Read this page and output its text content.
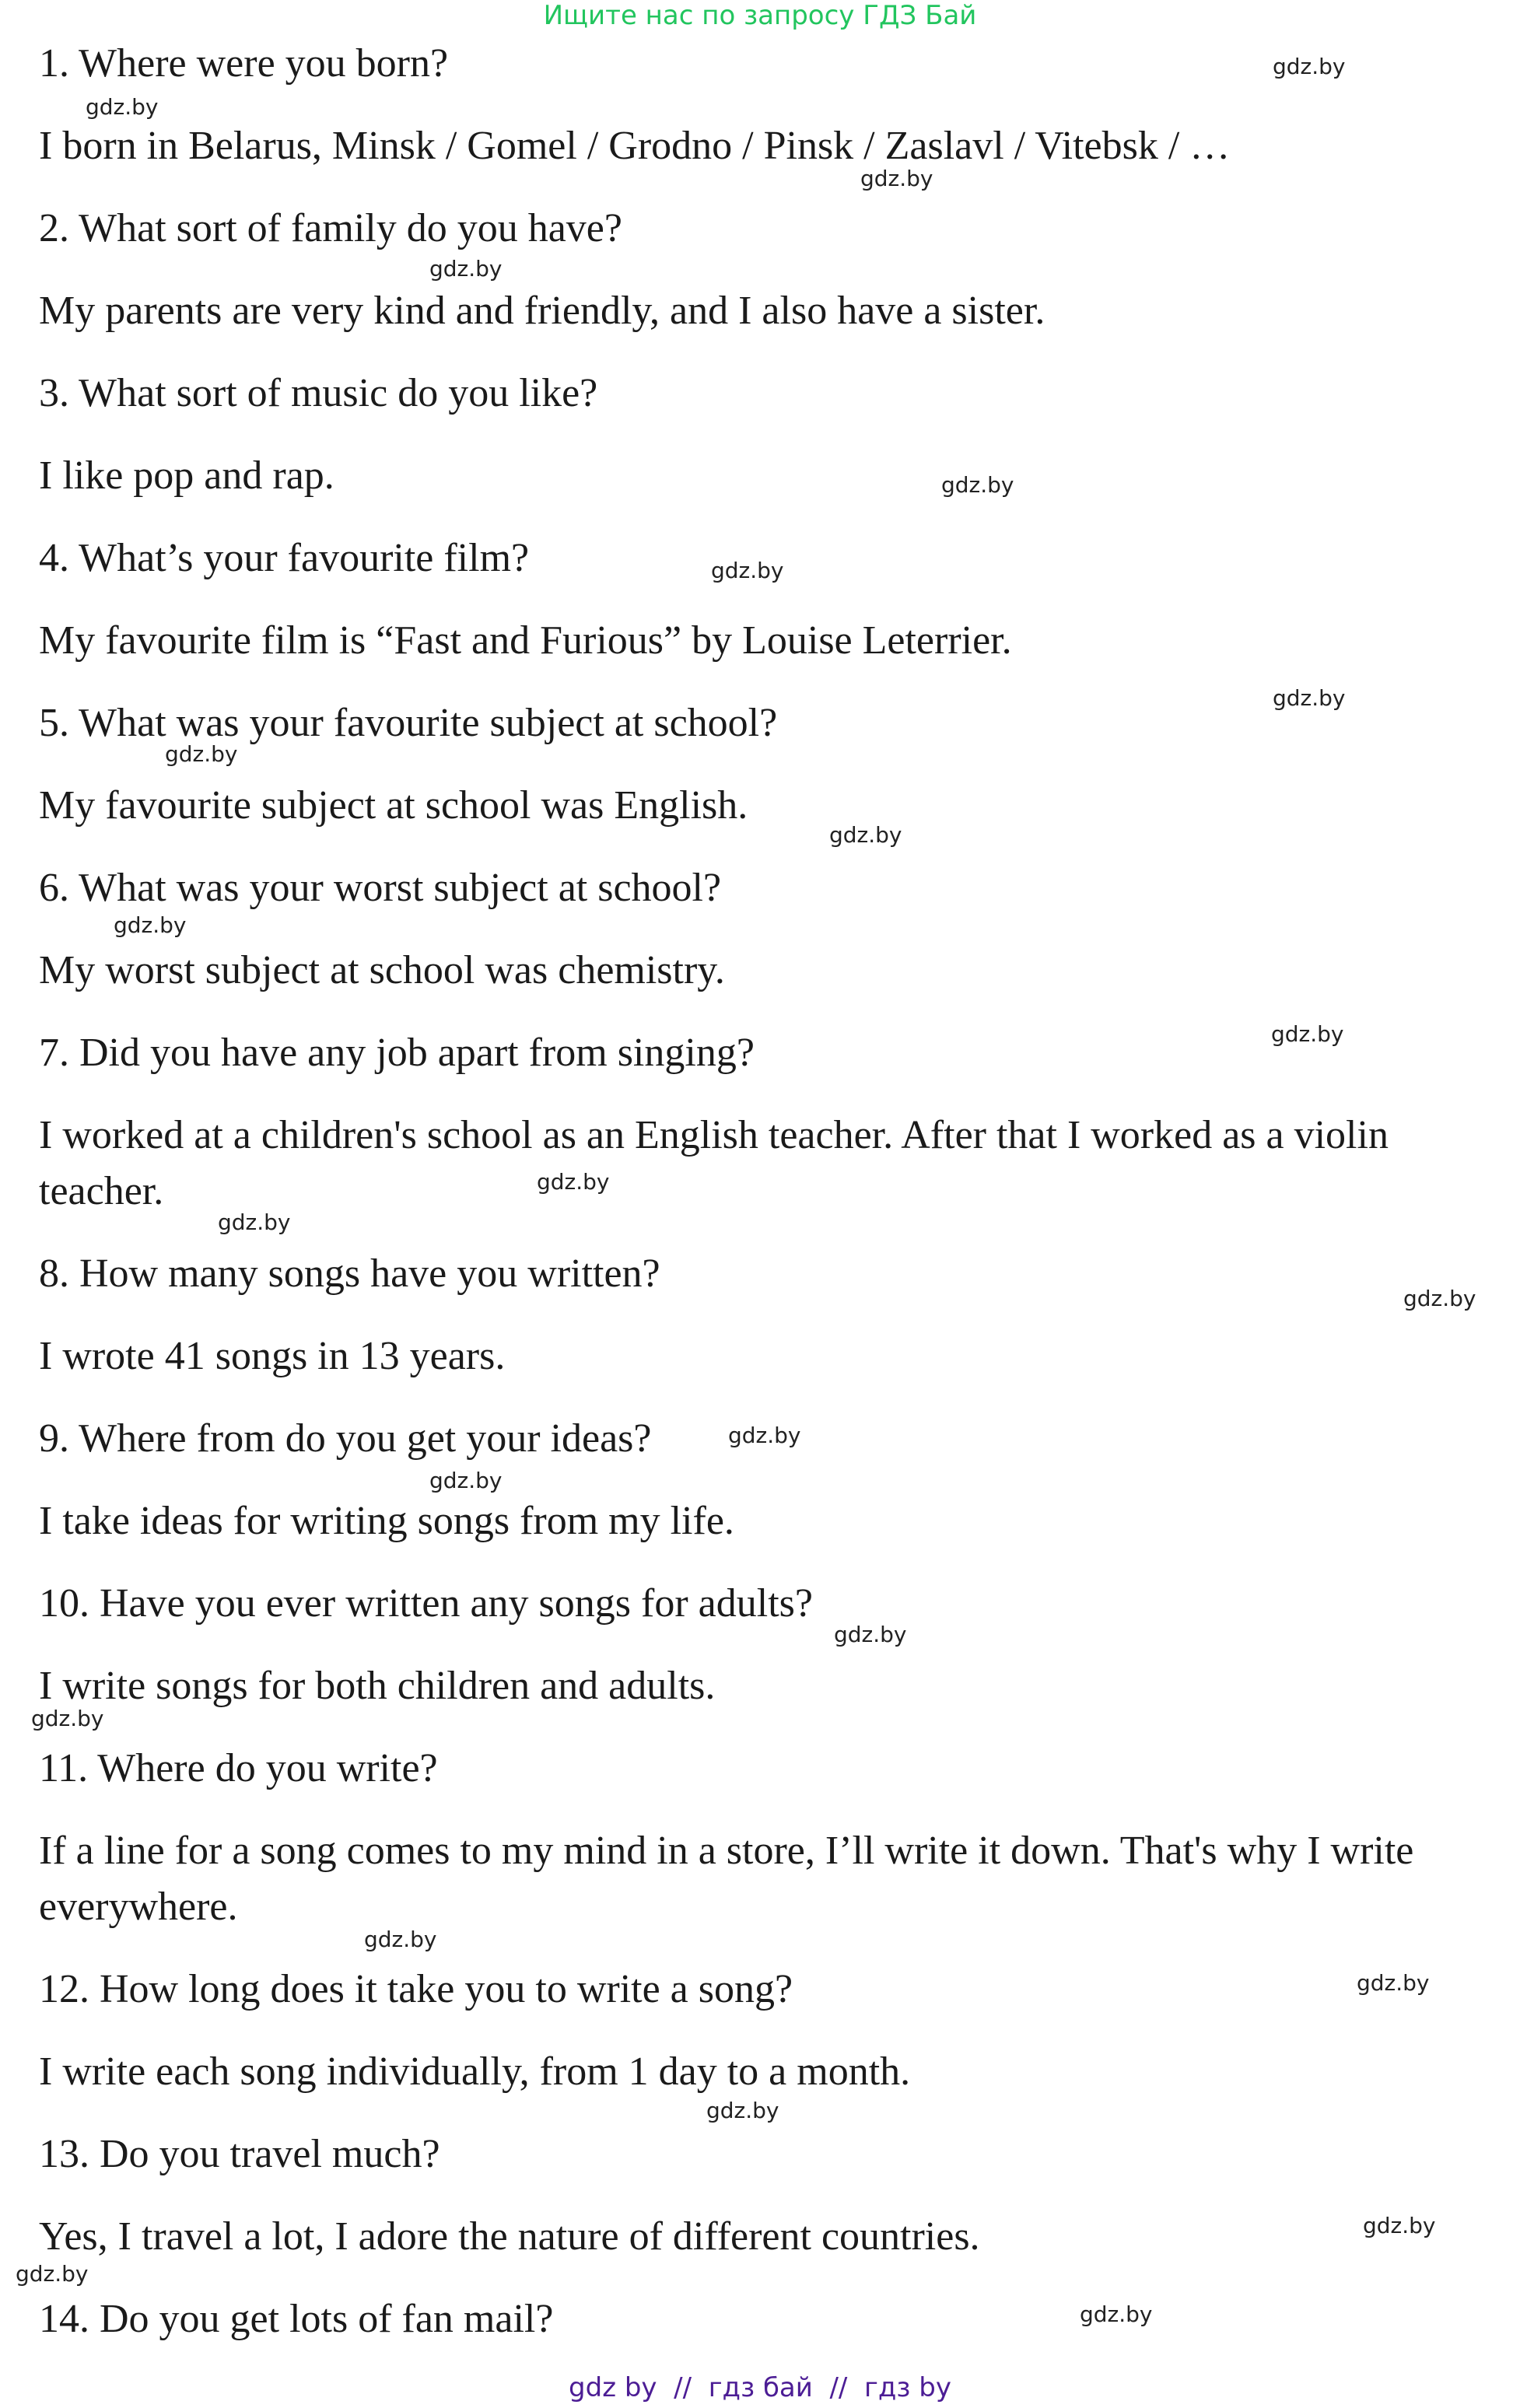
Ищите нас по запросу ГДЗ Бай
1. Where were you born?
I born in Belarus, Minsk / Gomel / Grodno / Pinsk / Zaslavl / Vitebsk / …
2. What sort of family do you have?
My parents are very kind and friendly, and I also have a sister.
3. What sort of music do you like?
I like pop and rap.
4. What’s your favourite film?
My favourite film is “Fast and Furious” by Louise Leterrier.
5. What was your favourite subject at school?
My favourite subject at school was English.
6. What was your worst subject at school?
My worst subject at school was chemistry.
7. Did you have any job apart from singing?
I worked at a children's school as an English teacher. After that I worked as a violin teacher.
8. How many songs have you written?
I wrote 41 songs in 13 years.
9. Where from do you get your ideas?
I take ideas for writing songs from my life.
10. Have you ever written any songs for adults?
I write songs for both children and adults.
11. Where do you write?
If a line for a song comes to my mind in a store, I’ll write it down. That's why I write everywhere.
12. How long does it take you to write a song?
I write each song individually, from 1 day to a month.
13. Do you travel much?
Yes, I travel a lot, I adore the nature of different countries.
14. Do you get lots of fan mail?
gdz.by
gdz.by
gdz.by
gdz.by
gdz.by
gdz.by
gdz.by
gdz.by
gdz.by
gdz.by
gdz.by
gdz.by
gdz.by
gdz.by
gdz.by
gdz.by
gdz.by
gdz.by
gdz.by
gdz.by
gdz.by
gdz.by
gdz.by
gdz.by
gdz by  //  гдз бай  //  гдз by
